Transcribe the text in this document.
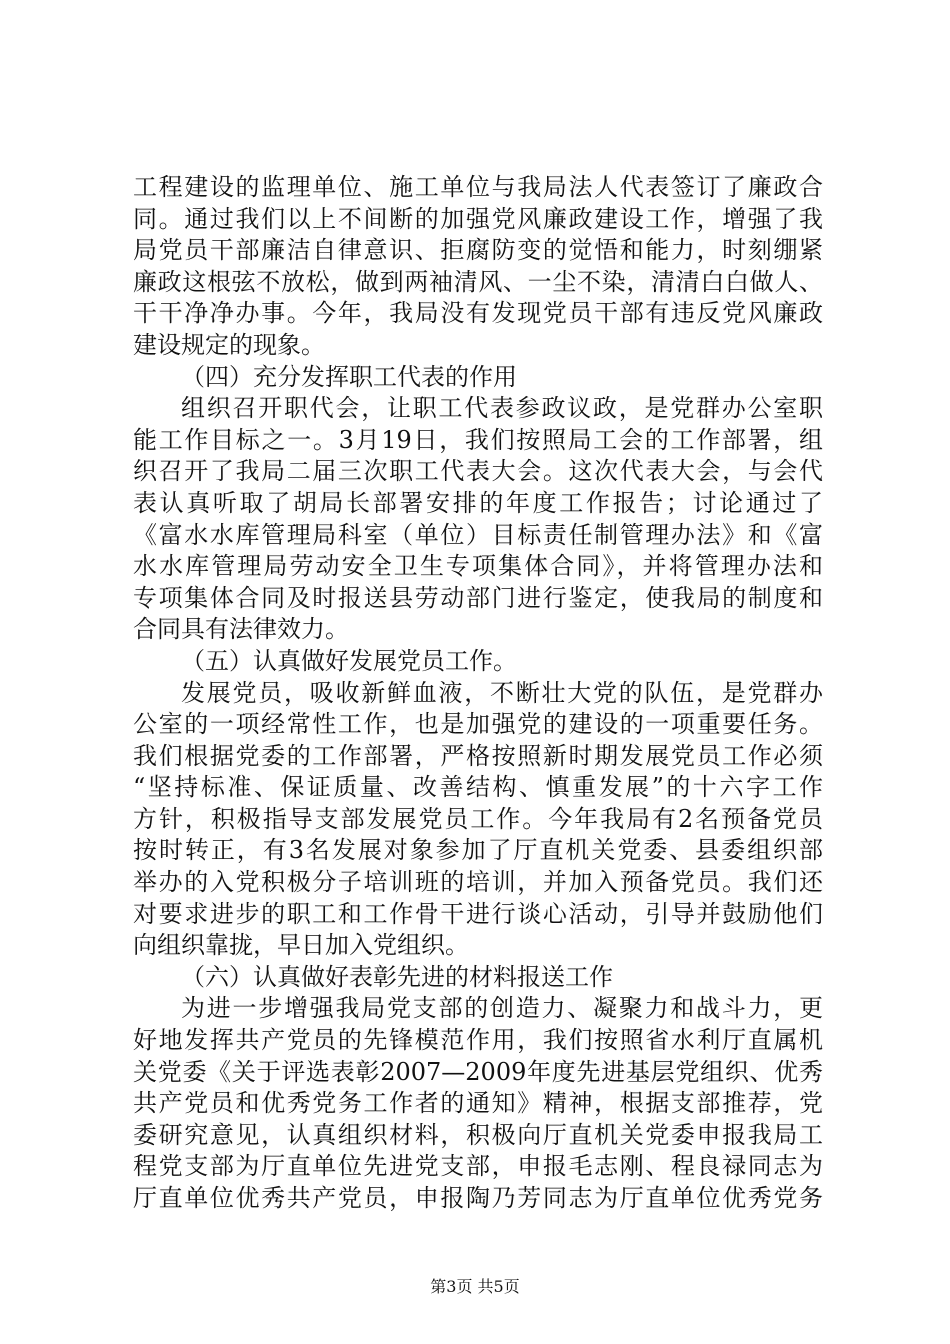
工程建设的监理单位、施工单位与我局法人代表签订了廉政合
同。通过我们以上不间断的加强党风廉政建设工作，增强了我
局党员干部廉洁自律意识、拒腐防变的觉悟和能力，时刻绷紧
廉政这根弦不放松，做到两袖清风、一尘不染，清清白白做人、
干干净净办事。今年，我局没有发现党员干部有违反党风廉政
建设规定的现象。
（四）充分发挥职工代表的作用
组织召开职代会，让职工代表参政议政，是党群办公室职
能工作目标之一。3月19日，我们按照局工会的工作部署，组
织召开了我局二届三次职工代表大会。这次代表大会，与会代
表认真听取了胡局长部署安排的年度工作报告；讨论通过了
《富水水库管理局科室（单位）目标责任制管理办法》和《富
水水库管理局劳动安全卫生专项集体合同》，并将管理办法和
专项集体合同及时报送县劳动部门进行鉴定，使我局的制度和
合同具有法律效力。
（五）认真做好发展党员工作。
发展党员，吸收新鲜血液，不断壮大党的队伍，是党群办
公室的一项经常性工作，也是加强党的建设的一项重要任务。
我们根据党委的工作部署，严格按照新时期发展党员工作必须
“坚持标准、保证质量、改善结构、慎重发展”的十六字工作
方针，积极指导支部发展党员工作。今年我局有2名预备党员
按时转正，有3名发展对象参加了厅直机关党委、县委组织部
举办的入党积极分子培训班的培训，并加入预备党员。我们还
对要求进步的职工和工作骨干进行谈心活动，引导并鼓励他们
向组织靠拢，早日加入党组织。
（六）认真做好表彰先进的材料报送工作
为进一步增强我局党支部的创造力、凝聚力和战斗力，更
好地发挥共产党员的先锋模范作用，我们按照省水利厅直属机
关党委《关于评选表彰2007—2009年度先进基层党组织、优秀
共产党员和优秀党务工作者的通知》精神，根据支部推荐，党
委研究意见，认真组织材料，积极向厅直机关党委申报我局工
程党支部为厅直单位先进党支部，申报毛志刚、程良禄同志为
厅直单位优秀共产党员，申报陶乃芳同志为厅直单位优秀党务
第3页 共5页
